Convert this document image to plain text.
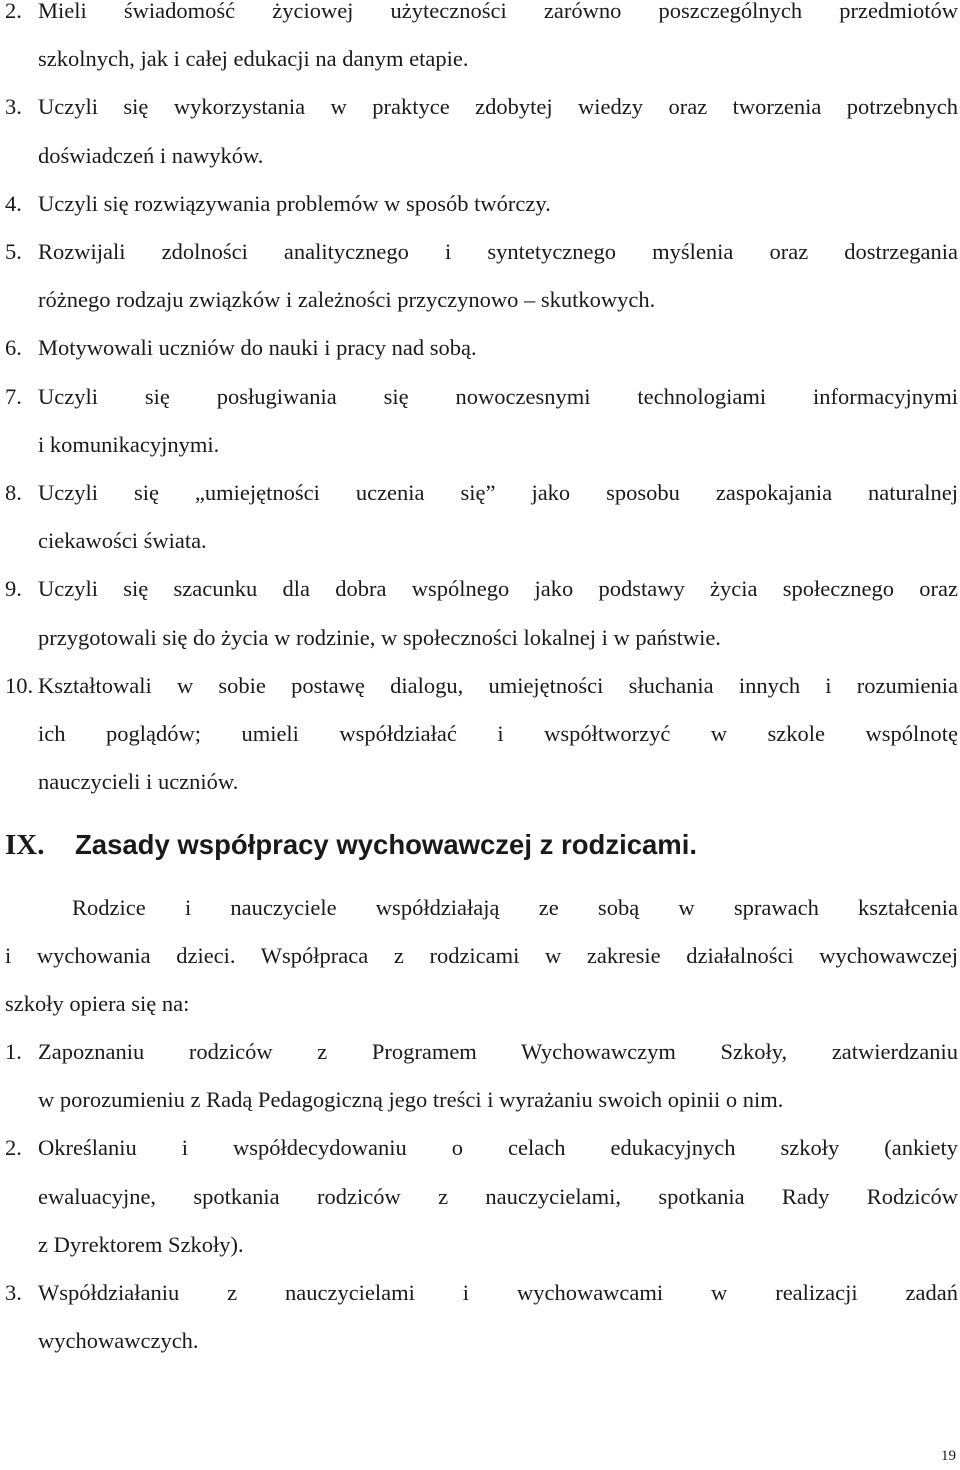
2. Mieli świadomość życiowej użyteczności zarówno poszczególnych przedmiotów
szkolnych, jak i całej edukacji na danym etapie.
3. Uczyli się wykorzystania w praktyce zdobytej wiedzy oraz tworzenia potrzebnych
doświadczeń i nawyków.
4. Uczyli się rozwiązywania problemów w sposób twórczy.
5. Rozwijali zdolności analitycznego i syntetycznego myślenia oraz dostrzegania
różnego rodzaju związków i zależności przyczynowo – skutkowych.
6. Motywowali uczniów do nauki i pracy nad sobą.
7. Uczyli się posługiwania się nowoczesnymi technologiami informacyjnymi
i komunikacyjnymi.
8. Uczyli się „umiejętności uczenia się” jako sposobu zaspokajania naturalnej
ciekawości świata.
9. Uczyli się szacunku dla dobra wspólnego jako podstawy życia społecznego oraz
przygotowali się do życia w rodzinie, w społeczności lokalnej i w państwie.
10. Kształtowali w sobie postawę dialogu, umiejętności słuchania innych i rozumienia
ich poglądów; umieli współdziałać i współtworzyć w szkole wspólnotę
nauczycieli i uczniów.
IX.	Zasady współpracy wychowawczej z rodzicami.
Rodzice i nauczyciele współdziałają ze sobą w sprawach kształcenia
i wychowania dzieci. Współpraca z rodzicami w zakresie działalności wychowawczej
szkoły opiera się na:
1. Zapoznaniu rodziców z Programem Wychowawczym Szkoły, zatwierdzaniu
w porozumieniu z Radą Pedagogiczną jego treści i wyrażaniu swoich opinii o nim.
2. Określaniu i współdecydowaniu o celach edukacyjnych szkoły (ankiety
ewaluacyjne, spotkania rodziców z nauczycielami, spotkania Rady Rodziców
z Dyrektorem Szkoły).
3. Współdziałaniu z nauczycielami i wychowawcami w realizacji zadań
wychowawczych.
19
